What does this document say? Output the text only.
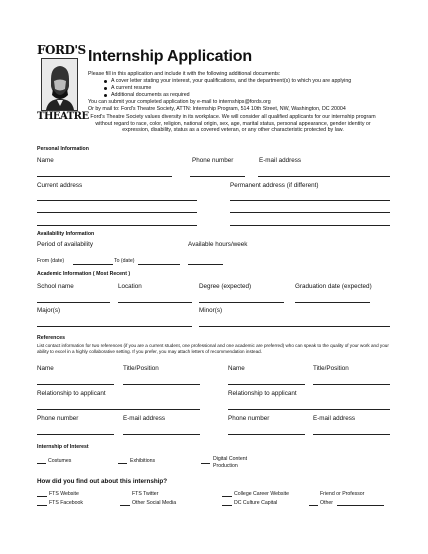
FORD'S
THEATRE
Internship Application
Please fill in this application and include it with the following additional documents:
A cover letter stating your interest, your qualifications, and the department(s) to which you are applying
A current resume
Additional documents as required
You can submit your completed application by e-mail to internships@fords.org
Or by mail to: Ford's Theatre Society, ATTN: Internship Program, 514 10th Street, NW, Washington, DC 20004
Ford's Theatre Society values diversity in its workplace. We will consider all qualified applicants for our internship program without regard to race, color, religion, national origin, sex, age, marital status, personal appearance, gender identity or expression, disability, status as a covered veteran, or any other characteristic protected by law.
Personal Information
Name	Phone number	E-mail address
Current address	Permanent address (if different)
Availability Information
Period of availability	Available hours/week
From (date)	To (date)
Academic Information ( Most Recent )
School name	Location	Degree (expected)	Graduation date (expected)
Major(s)	Minor(s)
References
List contact information for two references (if you are a current student, one professional and one academic are preferred) who can speak to the quality of your work and your ability to excel in a highly collaborative setting. If you prefer, you may attach letters of recommendation instead.
Name	Title/Position	Name	Title/Position
Relationship to applicant	Relationship to applicant
Phone number	E-mail address	Phone number	E-mail address
Internship of Interest
Costumes	Exhibitions	Digital Content Production
How did you find out about this internship?
FTS Website	FTS Twitter	College Career Website	Friend or Professor
FTS Facebook	Other Social Media	DC Culture Capital	Other
